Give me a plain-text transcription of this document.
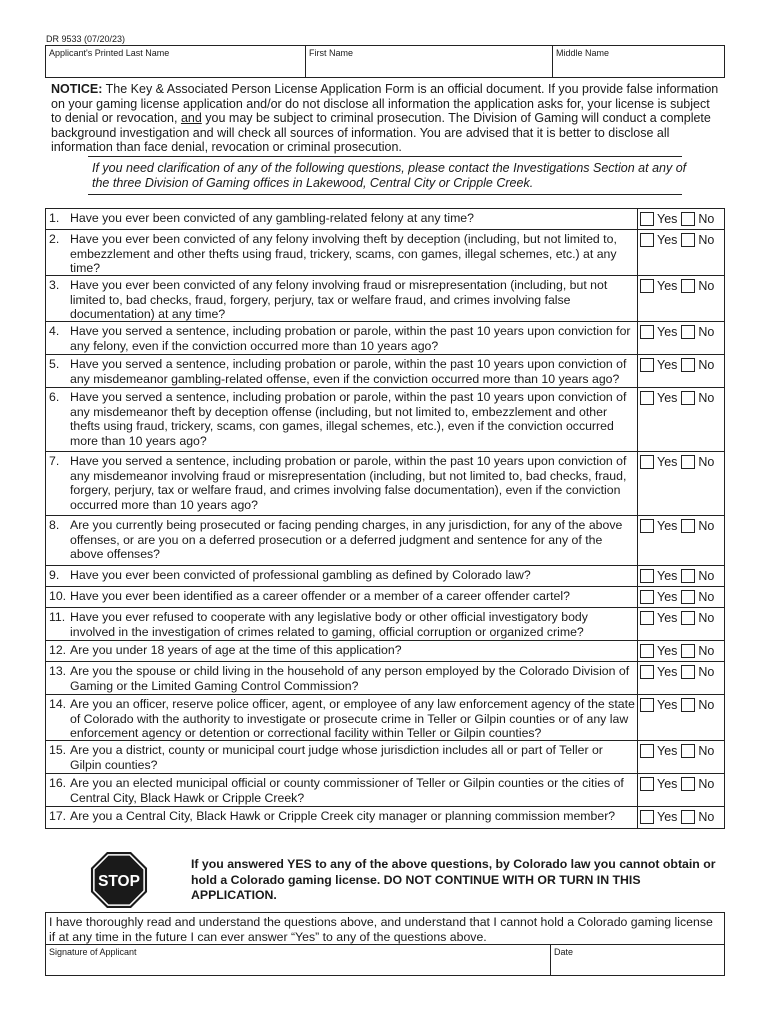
DR 9533 (07/20/23)
Applicant's Printed Last Name	First Name	Middle Name
NOTICE: The Key & Associated Person License Application Form is an official document. If you provide false information on your gaming license application and/or do not disclose all information the application asks for, your license is subject to denial or revocation, and you may be subject to criminal prosecution. The Division of Gaming will conduct a complete background investigation and will check all sources of information. You are advised that it is better to disclose all information than face denial, revocation or criminal prosecution.
If you need clarification of any of the following questions, please contact the Investigations Section at any of the three Division of Gaming offices in Lakewood, Central City or Cripple Creek.
1. Have you ever been convicted of any gambling-related felony at any time?	Yes No
2. Have you ever been convicted of any felony involving theft by deception (including, but not limited to, embezzlement and other thefts using fraud, trickery, scams, con games, illegal schemes, etc.) at any time?
Yes No
3. Have you ever been convicted of any felony involving fraud or misrepresentation (including, but not limited to, bad checks, fraud, forgery, perjury, tax or welfare fraud, and crimes involving false documentation) at any time?
Yes No
4. Have you served a sentence, including probation or parole, within the past 10 years upon conviction for any felony, even if the conviction occurred more than 10 years ago?
Yes No
5. Have you served a sentence, including probation or parole, within the past 10 years upon conviction of any misdemeanor gambling-related offense, even if the conviction occurred more than 10 years ago?
Yes No
6. Have you served a sentence, including probation or parole, within the past 10 years upon conviction of any misdemeanor theft by deception offense (including, but not limited to, embezzlement and other thefts using fraud, trickery, scams, con games, illegal schemes, etc.), even if the conviction occurred more than 10 years ago?
Yes No
7. Have you served a sentence, including probation or parole, within the past 10 years upon conviction of any misdemeanor involving fraud or misrepresentation (including, but not limited to, bad checks, fraud, forgery, perjury, tax or welfare fraud, and crimes involving false documentation), even if the conviction occurred more than 10 years ago?
Yes No
8. Are you currently being prosecuted or facing pending charges, in any jurisdiction, for any of the above offenses, or are you on a deferred prosecution or a deferred judgment and sentence for any of the above offenses?
Yes No
9. Have you ever been convicted of professional gambling as defined by Colorado law?	Yes No
10. Have you ever been identified as a career offender or a member of a career offender cartel?	Yes No
11. Have you ever refused to cooperate with any legislative body or other official investigatory body involved in the investigation of crimes related to gaming, official corruption or organized crime?
Yes No
12. Are you under 18 years of age at the time of this application?	Yes No
13. Are you the spouse or child living in the household of any person employed by the Colorado Division of Gaming or the Limited Gaming Control Commission?
Yes No
14. Are you an officer, reserve police officer, agent, or employee of any law enforcement agency of the state of Colorado with the authority to investigate or prosecute crime in Teller or Gilpin counties or of any law enforcement agency or detention or correctional facility within Teller or Gilpin counties?
Yes No
15. Are you a district, county or municipal court judge whose jurisdiction includes all or part of Teller or Gilpin counties?
Yes No
16. Are you an elected municipal official or county commissioner of Teller or Gilpin counties or the cities of Central City, Black Hawk or Cripple Creek?
Yes No
17. Are you a Central City, Black Hawk or Cripple Creek city manager or planning commission member?	Yes No
STOP
If you answered YES to any of the above questions, by Colorado law you cannot obtain or hold a Colorado gaming license. DO NOT CONTINUE WITH OR TURN IN THIS APPLICATION.
I have thoroughly read and understand the questions above, and understand that I cannot hold a Colorado gaming license if at any time in the future I can ever answer “Yes” to any of the questions above.
Signature of Applicant	Date
